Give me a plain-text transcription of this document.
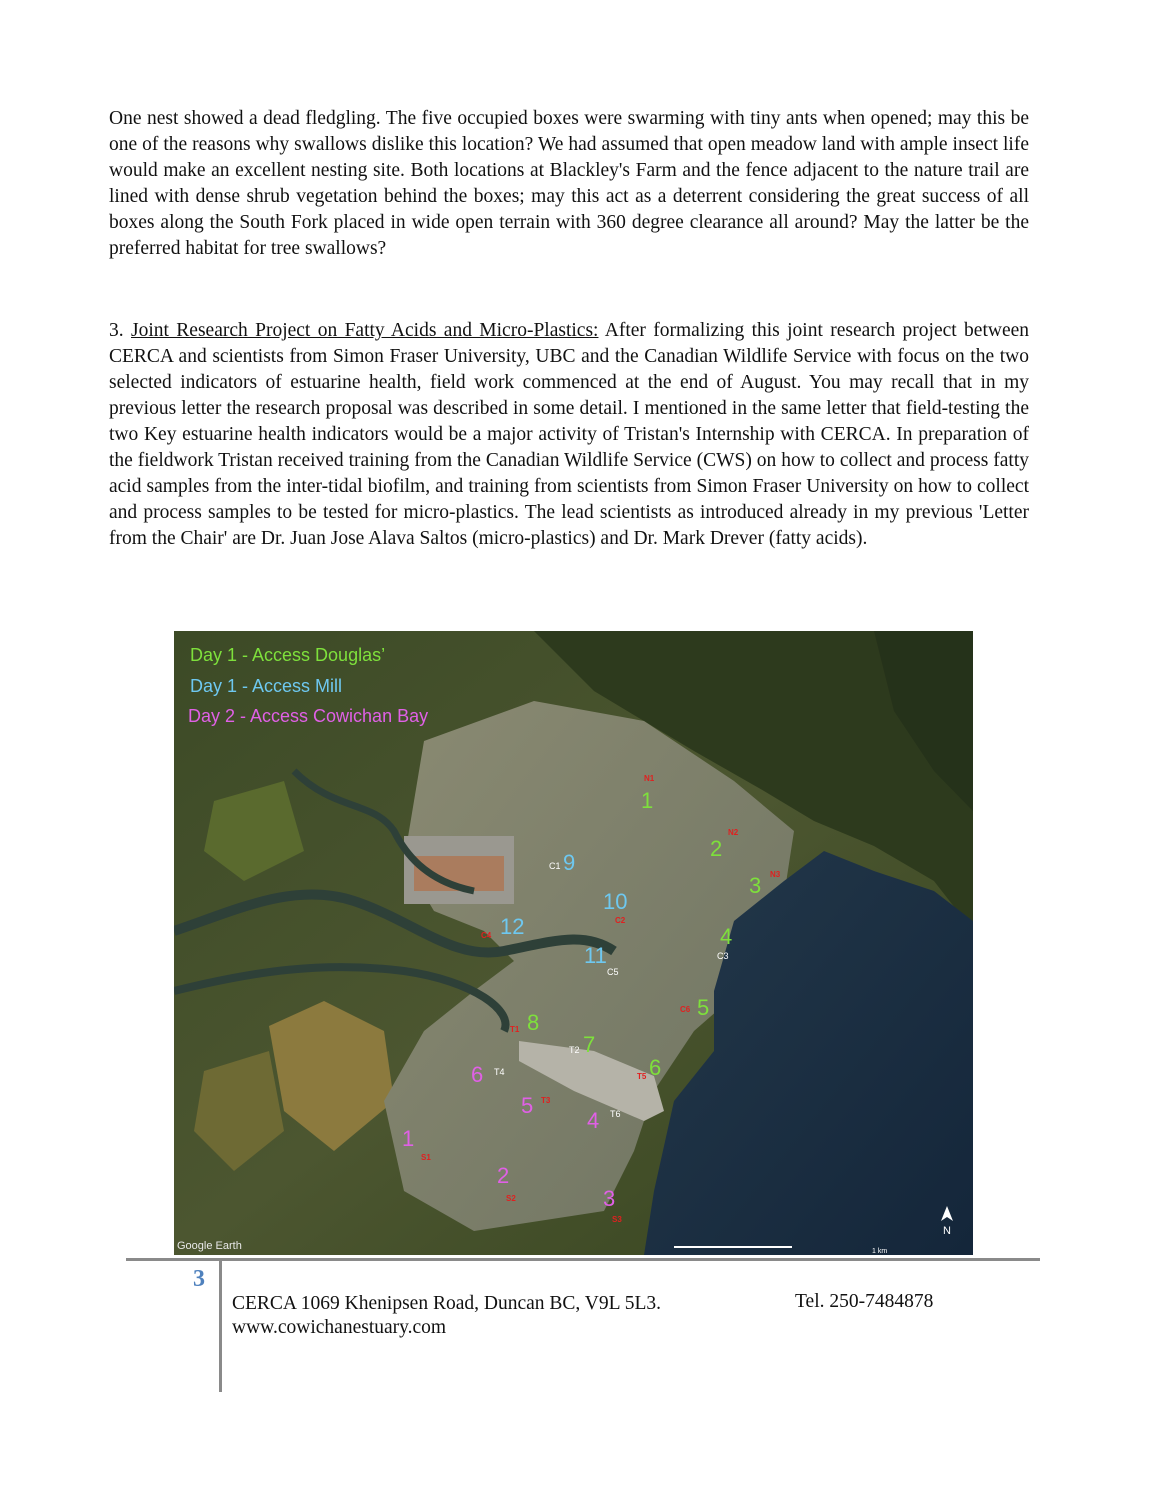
One nest showed a dead fledgling. The five occupied boxes were swarming with tiny ants when opened; may this be one of the reasons why swallows dislike this location? We had assumed that open meadow land with ample insect life would make an excellent nesting site. Both locations at Blackley's Farm and the fence adjacent to the nature trail are lined with dense shrub vegetation behind the boxes; may this act as a deterrent considering the great success of all boxes along the South Fork placed in wide open terrain with 360 degree clearance all around? May the latter be the preferred habitat for tree swallows?

3. Joint Research Project on Fatty Acids and Micro-Plastics: After formalizing this joint research project between CERCA and scientists from Simon Fraser University, UBC and the Canadian Wildlife Service with focus on the two selected indicators of estuarine health, field work commenced at the end of August. You may recall that in my previous letter the research proposal was described in some detail. I mentioned in the same letter that field-testing the two Key estuarine health indicators would be a major activity of Tristan's Internship with CERCA. In preparation of the fieldwork Tristan received training from the Canadian Wildlife Service (CWS) on how to collect and process fatty acid samples from the inter-tidal biofilm, and training from scientists from Simon Fraser University on how to collect and process samples to be tested for micro-plastics. The lead scientists as introduced already in my previous 'Letter from the Chair' are Dr. Juan Jose Alava Saltos (micro-plastics) and Dr. Mark Drever (fatty acids).

Day 1 - Access Douglas’
Day 1 - Access Mill
Day 2 - Access Cowichan Bay
1
2
3
4
5
6
7
8
9
10
11
12
1
2
3
4
5
6
C1
C3
C5
T2
T4
T6
N1
N2
N3
C2
C4
C6
T1
T3
T5
S1
S2
S3
Google Earth
N
1 km
3
CERCA 1069 Khenipsen Road, Duncan BC, V9L 5L3.	Tel. 250-7484878
www.cowichanestuary.com
